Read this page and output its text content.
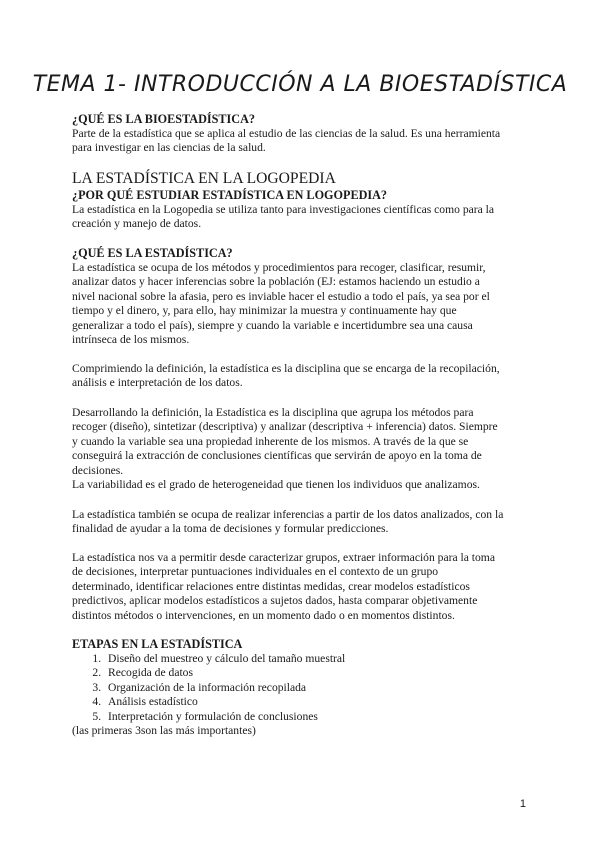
TEMA 1- INTRODUCCIÓN A LA BIOESTADÍSTICA
¿QUÉ ES LA BIOESTADÍSTICA?
Parte de la estadística que se aplica al estudio de las ciencias de la salud. Es una herramienta
para investigar en las ciencias de la salud.
LA ESTADÍSTICA EN LA LOGOPEDIA
¿POR QUÉ ESTUDIAR ESTADÍSTICA EN LOGOPEDIA?
La estadística en la Logopedia se utiliza tanto para investigaciones científicas como para la
creación y manejo de datos.
¿QUÉ ES LA ESTADÍSTICA?
La estadística se ocupa de los métodos y procedimientos para recoger, clasificar, resumir,
analizar datos y hacer inferencias sobre la población (EJ: estamos haciendo un estudio a
nivel nacional sobre la afasia, pero es inviable hacer el estudio a todo el país, ya sea por el
tiempo y el dinero, y, para ello, hay minimizar la muestra y continuamente hay que
generalizar a todo el país), siempre y cuando la variable e incertidumbre sea una causa
intrínseca de los mismos.
Comprimiendo la definición, la estadística es la disciplina que se encarga de la recopilación,
análisis e interpretación de los datos.
Desarrollando la definición, la Estadística es la disciplina que agrupa los métodos para
recoger (diseño), sintetizar (descriptiva) y analizar (descriptiva + inferencia) datos. Siempre
y cuando la variable sea una propiedad inherente de los mismos. A través de la que se
conseguirá la extracción de conclusiones científicas que servirán de apoyo en la toma de
decisiones.
La variabilidad es el grado de heterogeneidad que tienen los individuos que analizamos.
La estadística también se ocupa de realizar inferencias a partir de los datos analizados, con la
finalidad de ayudar a la toma de decisiones y formular predicciones.
La estadística nos va a permitir desde caracterizar grupos, extraer información para la toma
de decisiones, interpretar puntuaciones individuales en el contexto de un grupo
determinado, identificar relaciones entre distintas medidas, crear modelos estadísticos
predictivos, aplicar modelos estadísticos a sujetos dados, hasta comparar objetivamente
distintos métodos o intervenciones, en un momento dado o en momentos distintos.
ETAPAS EN LA ESTADÍSTICA
1. Diseño del muestreo y cálculo del tamaño muestral
2. Recogida de datos
3. Organización de la información recopilada
4. Análisis estadístico
5. Interpretación y formulación de conclusiones
(las primeras 3son las más importantes)
1
